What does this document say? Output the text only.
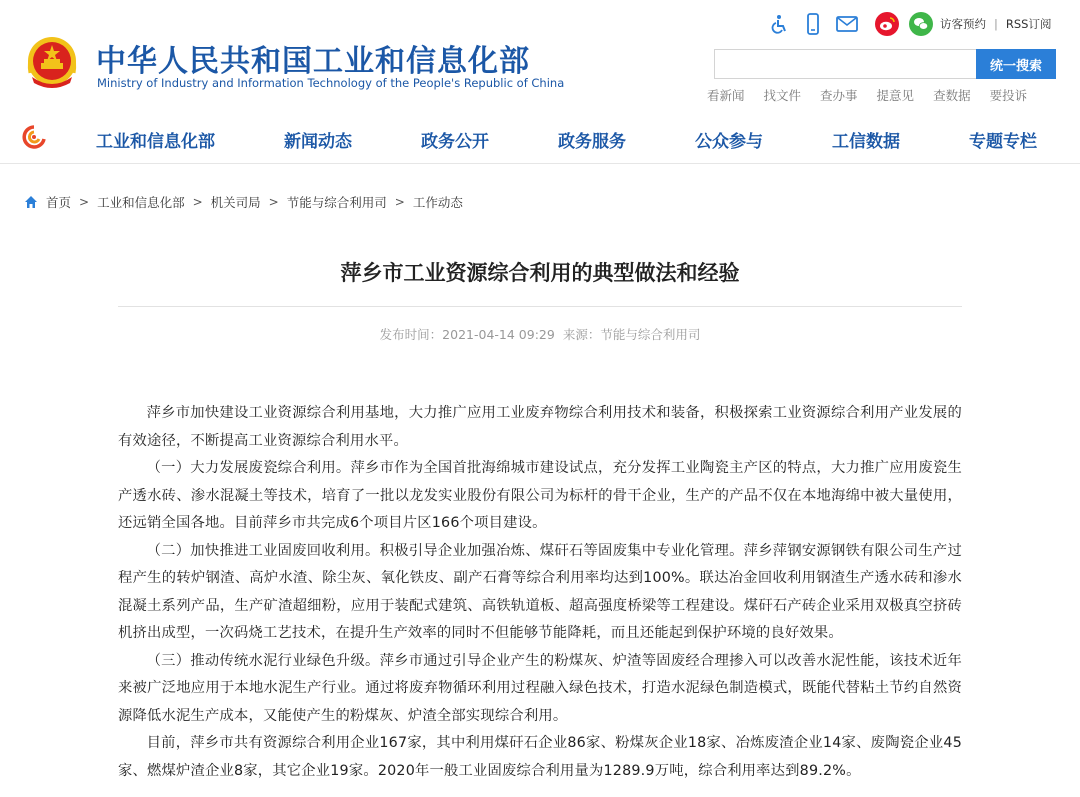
中华人民共和国工业和信息化部
Ministry of Industry and Information Technology of the People's Republic of China
访客预约 | RSS订阅
统一搜索
看新闻 找文件 查办事 提意见 查数据 要投诉
工业和信息化部	新闻动态	政务公开	政务服务	公众参与	工信数据	专题专栏
首页 > 工业和信息化部 > 机关司局 > 节能与综合利用司 > 工作动态
萍乡市工业资源综合利用的典型做法和经验
发布时间：2021-04-14 09:29 来源：节能与综合利用司

萍乡市加快建设工业资源综合利用基地，大力推广应用工业废弃物综合利用技术和装备，积极探索工业资源综合利用产业发展的有效途径，不断提高工业资源综合利用水平。

（一）大力发展废瓷综合利用。萍乡市作为全国首批海绵城市建设试点，充分发挥工业陶瓷主产区的特点，大力推广应用废瓷生产透水砖、渗水混凝土等技术，培育了一批以龙发实业股份有限公司为标杆的骨干企业，生产的产品不仅在本地海绵中被大量使用，还远销全国各地。目前萍乡市共完成6个项目片区166个项目建设。

（二）加快推进工业固废回收利用。积极引导企业加强冶炼、煤矸石等固废集中专业化管理。萍乡萍钢安源钢铁有限公司生产过程产生的转炉钢渣、高炉水渣、除尘灰、氧化铁皮、副产石膏等综合利用率均达到100%。联达冶金回收利用钢渣生产透水砖和渗水混凝土系列产品，生产矿渣超细粉，应用于装配式建筑、高铁轨道板、超高强度桥梁等工程建设。煤矸石产砖企业采用双极真空挤砖机挤出成型，一次码烧工艺技术，在提升生产效率的同时不但能够节能降耗，而且还能起到保护环境的良好效果。

（三）推动传统水泥行业绿色升级。萍乡市通过引导企业产生的粉煤灰、炉渣等固废经合理掺入可以改善水泥性能，该技术近年来被广泛地应用于本地水泥生产行业。通过将废弃物循环利用过程融入绿色技术，打造水泥绿色制造模式，既能代替粘土节约自然资源降低水泥生产成本，又能使产生的粉煤灰、炉渣全部实现综合利用。

目前，萍乡市共有资源综合利用企业167家，其中利用煤矸石企业86家、粉煤灰企业18家、冶炼废渣企业14家、废陶瓷企业45家、燃煤炉渣企业8家，其它企业19家。2020年一般工业固废综合利用量为1289.9万吨，综合利用率达到89.2%。
